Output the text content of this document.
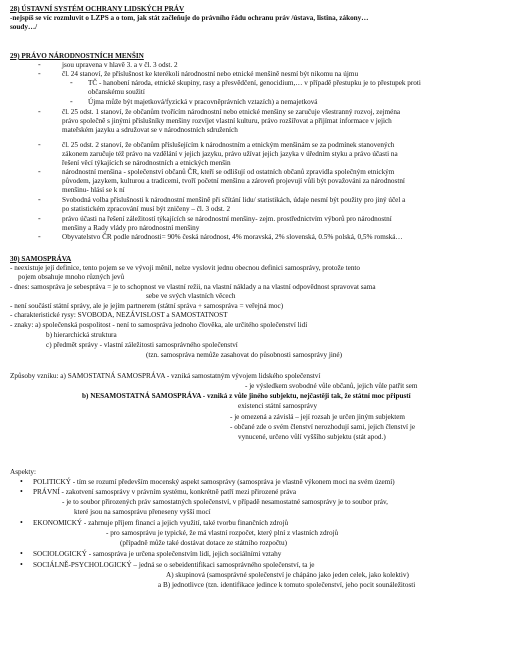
28) ÚSTAVNÍ SYSTÉM OCHRANY LIDSKÝCH PRÁV
-nejspíš se víc rozmluvit o LZPS a o tom, jak stát začleňuje do právního řádu ochranu práv /ústava, listina, zákony…
soudy…/
29) PRÁVO NÁRODNOSTNÍCH MENŠIN
-	jsou upravena v hlavě 3. a v čl. 3 odst. 2
-	čl. 24 stanoví, že příslušnost ke kterékoli národnostní nebo etnické menšině nesmí být nikomu na újmu
- TČ - hanobení národa, etnické skupiny, rasy a přesvědčení, genocidium,… v případě přestupku je to přestupek proti
občanskému soužití
- Újma může být majetková/fyzická v pracovněprávních vztazích) a nemajetková
-	čl. 25 odst. 1 stanoví, že občanům tvořícím národnostní nebo etnické menšiny se zaručuje všestranný rozvoj, zejména
právo společně s jinými příslušníky menšiny rozvíjet vlastní kulturu, právo rozšiřovat a přijímat informace v jejich
mateřském jazyku a sdružovat se v národnostních sdruženích
-	čl. 25 odst. 2 stanoví, že občanům příslušejícím k národnostním a etnickým menšinám se za podmínek stanovených
zákonem zaručuje též právo na vzdělání v jejich jazyku, právo užívat jejich jazyka v úředním styku a právo účasti na
řešení věcí týkajících se národnostních a etnických menšin
-	národnostní menšina - společenství občanů ČR, kteří se odlišují od ostatních občanů zpravidla společným etnickým
původem, jazykem, kulturou a tradicemi, tvoří početní menšinu a zároveň projevují vůli být považováni za národnostní
menšinu- hlásí se k ní
-	Svobodná volba příslušnosti k národnostní menšině při sčítání lidu/ statistikách, údaje nesmí být použity pro jiný účel a
po statistickém zpracování musí být zničeny – čl. 3 odst. 2
-	právo účasti na řešení záležitostí týkajících se národnostní menšiny- zejm. prostřednictvím výborů pro národnostní
menšiny a Rady vlády pro národnostní menšiny
-	Obyvatelstvo ČR podle národnosti= 90% česká národnost, 4% moravská, 2% slovenská, 0.5% polská, 0,5% romská…
30) SAMOSPRÁVA
- neexistuje její definice, tento pojem se ve vývoji měnil, nelze vyslovit jednu obecnou definici samosprávy, protože tento
pojem obsahuje mnoho různých jevů
- dnes: samospráva je sebespráva = je to schopnost ve vlastní režii, na vlastní náklady a na vlastní odpovědnost spravovat sama
sebe ve svých vlastních věcech
- není součástí státní správy, ale je jejím partnerem (státní správa + samospráva = veřejná moc)
- charakteristické rysy: SVOBODA, NEZÁVISLOST a SAMOSTATNOST
- znaky: a) společenská pospolitost - není to samospráva jednoho člověka, ale určitého společenství lidí
b) hierarchická struktura
c) předmět správy - vlastní záležitosti samosprávného společenství
(tzn. samospráva nemůže zasahovat do působnosti samosprávy jiné)
Způsoby vzniku: a) SAMOSTATNÁ SAMOSPRÁVA - vzniká samostatným vývojem lidského společenství
- je výsledkem svobodné vůle občanů, jejich vůle patřit sem
b) NESAMOSTATNÁ SAMOSPRÁVA - vzniká z vůle jiného subjektu, nejčastěji tak, že státní moc připustí
existenci státní samosprávy
- je omezená a závislá – její rozsah je určen jiným subjektem
- občané zde o svém členství nerozhodují sami, jejich členství je
vynucené, určeno vůlí vyššího subjektu (stát apod.)
Aspekty:
• POLITICKÝ - tím se rozumí především mocenský aspekt samosprávy (samospráva je vlastně výkonem moci na svém území)
• PRÁVNÍ - zakotvení samosprávy v právním systému, konkrétně patří mezi přirozené práva
- je to soubor přirozených práv samostatných společenství, v případě nesamostatné samosprávy je to soubor práv,
které jsou na samosprávu přeneseny vyšší mocí
• EKONOMICKÝ - zahrnuje příjem financí a jejich využití, také tvorbu finančních zdrojů
- pro samosprávu je typické, že má vlastní rozpočet, který plní z vlastních zdrojů
(případně může také dostávat dotace ze státního rozpočtu)
• SOCIOLOGICKÝ - samospráva je určena společenstvím lidí, jejich sociálními vztahy
• SOCIÁLNĚ-PSYCHOLOGICKÝ – jedná se o sebeidentifikaci samosprávného společenství, ta je
A) skupinová (samosprávné společenství je chápáno jako jeden celek, jako kolektiv)
a B) jednotlivce (tzn. identifikace jedince k tomuto společenství, jeho pocit sounáležitosti
